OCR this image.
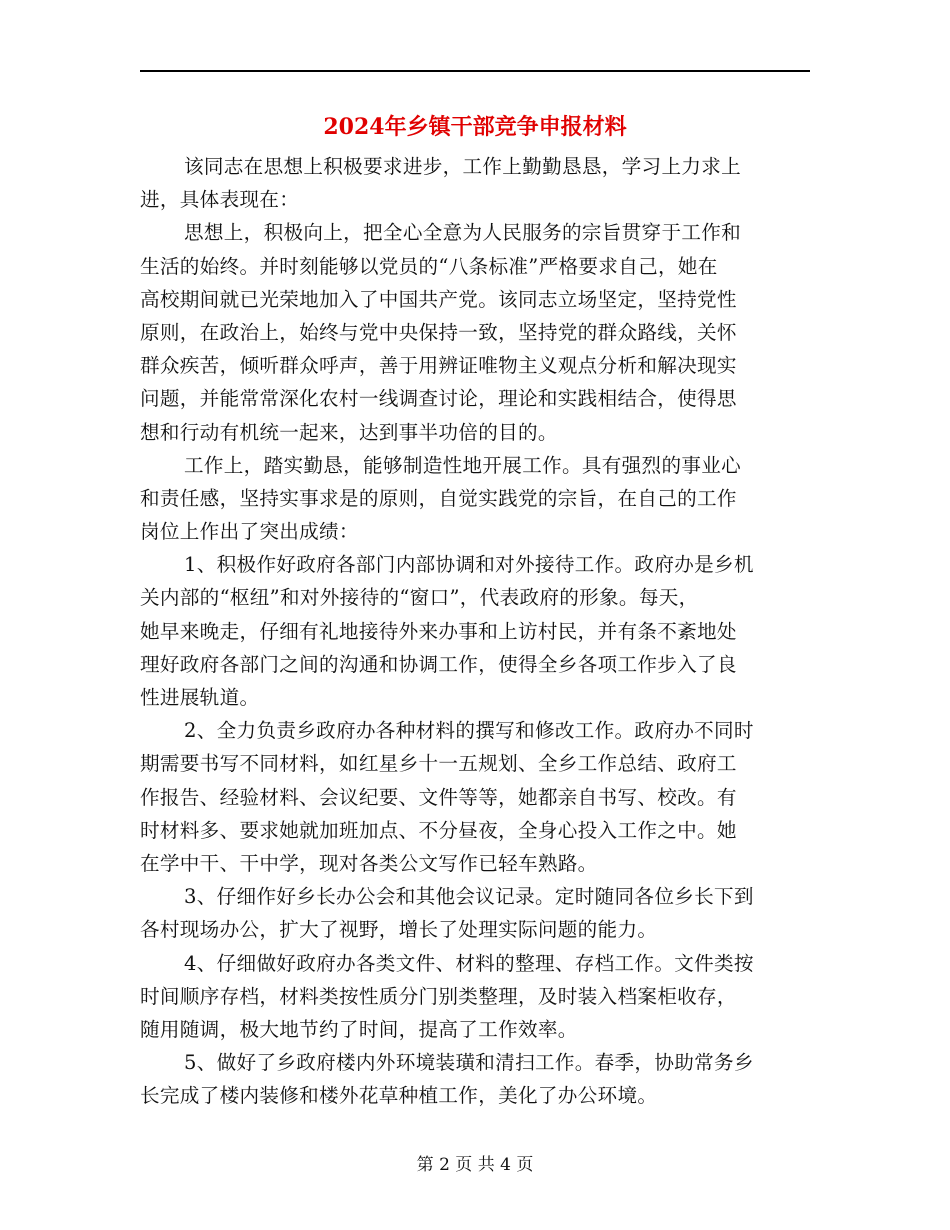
2024年乡镇干部竞争申报材料
该同志在思想上积极要求进步，工作上勤勤恳恳，学习上力求上
进，具体表现在：
思想上，积极向上，把全心全意为人民服务的宗旨贯穿于工作和
生活的始终。并时刻能够以党员的“八条标准”严格要求自己，她在
高校期间就已光荣地加入了中国共产党。该同志立场坚定，坚持党性
原则，在政治上，始终与党中央保持一致，坚持党的群众路线，关怀
群众疾苦，倾听群众呼声，善于用辨证唯物主义观点分析和解决现实
问题，并能常常深化农村一线调查讨论，理论和实践相结合，使得思
想和行动有机统一起来，达到事半功倍的目的。
工作上，踏实勤恳，能够制造性地开展工作。具有强烈的事业心
和责任感，坚持实事求是的原则，自觉实践党的宗旨，在自己的工作
岗位上作出了突出成绩：
1、积极作好政府各部门内部协调和对外接待工作。政府办是乡机
关内部的“枢纽”和对外接待的“窗口”，代表政府的形象。每天，
她早来晚走，仔细有礼地接待外来办事和上访村民，并有条不紊地处
理好政府各部门之间的沟通和协调工作，使得全乡各项工作步入了良
性进展轨道。
2、全力负责乡政府办各种材料的撰写和修改工作。政府办不同时
期需要书写不同材料，如红星乡十一五规划、全乡工作总结、政府工
作报告、经验材料、会议纪要、文件等等，她都亲自书写、校改。有
时材料多、要求她就加班加点、不分昼夜，全身心投入工作之中。她
在学中干、干中学，现对各类公文写作已轻车熟路。
3、仔细作好乡长办公会和其他会议记录。定时随同各位乡长下到
各村现场办公，扩大了视野，增长了处理实际问题的能力。
4、仔细做好政府办各类文件、材料的整理、存档工作。文件类按
时间顺序存档，材料类按性质分门别类整理，及时装入档案柜收存，
随用随调，极大地节约了时间，提高了工作效率。
5、做好了乡政府楼内外环境装璜和清扫工作。春季，协助常务乡
长完成了楼内装修和楼外花草种植工作，美化了办公环境。
第 2 页 共 4 页
